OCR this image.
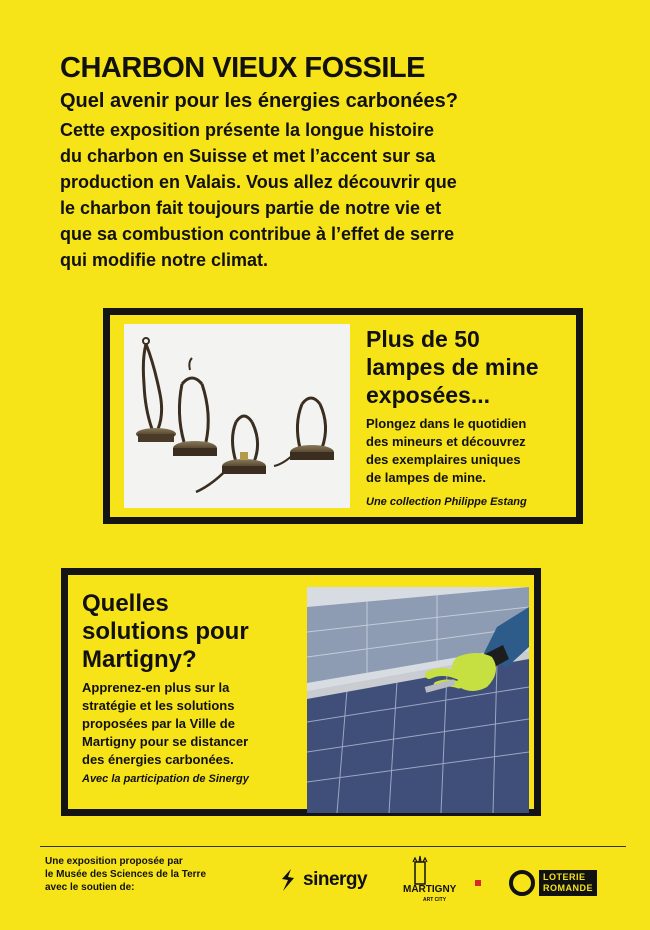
CHARBON VIEUX FOSSILE
Quel avenir pour les énergies carbonées?

Cette exposition présente la longue histoire
du charbon en Suisse et met l’accent sur sa
production en Valais. Vous allez découvrir que
le charbon fait toujours partie de notre vie et
que sa combustion contribue à l’effet de serre
qui modifie notre climat.

Plus de 50
lampes de mine
exposées...

Plongez dans le quotidien
des mineurs et découvrez
des exemplaires uniques
de lampes de mine.

Une collection Philippe Estang

Quelles
solutions pour
Martigny?

Apprenez-en plus sur la
stratégie et les solutions
proposées par la Ville de
Martigny pour se distancer
des énergies carbonées.

Avec la participation de Sinergy

Une exposition proposée par
le Musée des Sciences de la Terre
avec le soutien de:	sinergy	MARTIGNY
ART CITY
LOTERIE
ROMANDE
